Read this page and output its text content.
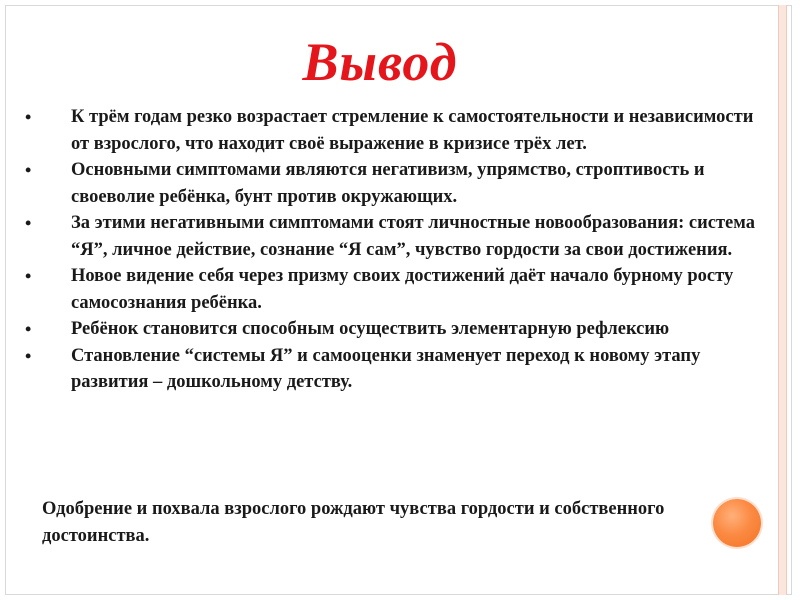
Вывод
•	К трём годам резко возрастает стремление к самостоятельности и независимости от взрослого, что находит своё выражение в кризисе трёх лет.
•	Основными симптомами являются негативизм, упрямство, строптивость и своеволие ребёнка, бунт против окружающих.
•	За этими негативными симптомами стоят личностные новообразования: система “Я”, личное действие, сознание “Я сам”, чувство гордости за свои достижения.
•	Новое видение себя через призму своих достижений даёт начало бурному росту самосознания ребёнка.
•	Ребёнок становится способным осуществить элементарную рефлексию
•	Становление “системы Я” и самооценки знаменует переход к новому этапу развития – дошкольному детству.
Одобрение и похвала взрослого рождают чувства гордости и собственного достоинства.
